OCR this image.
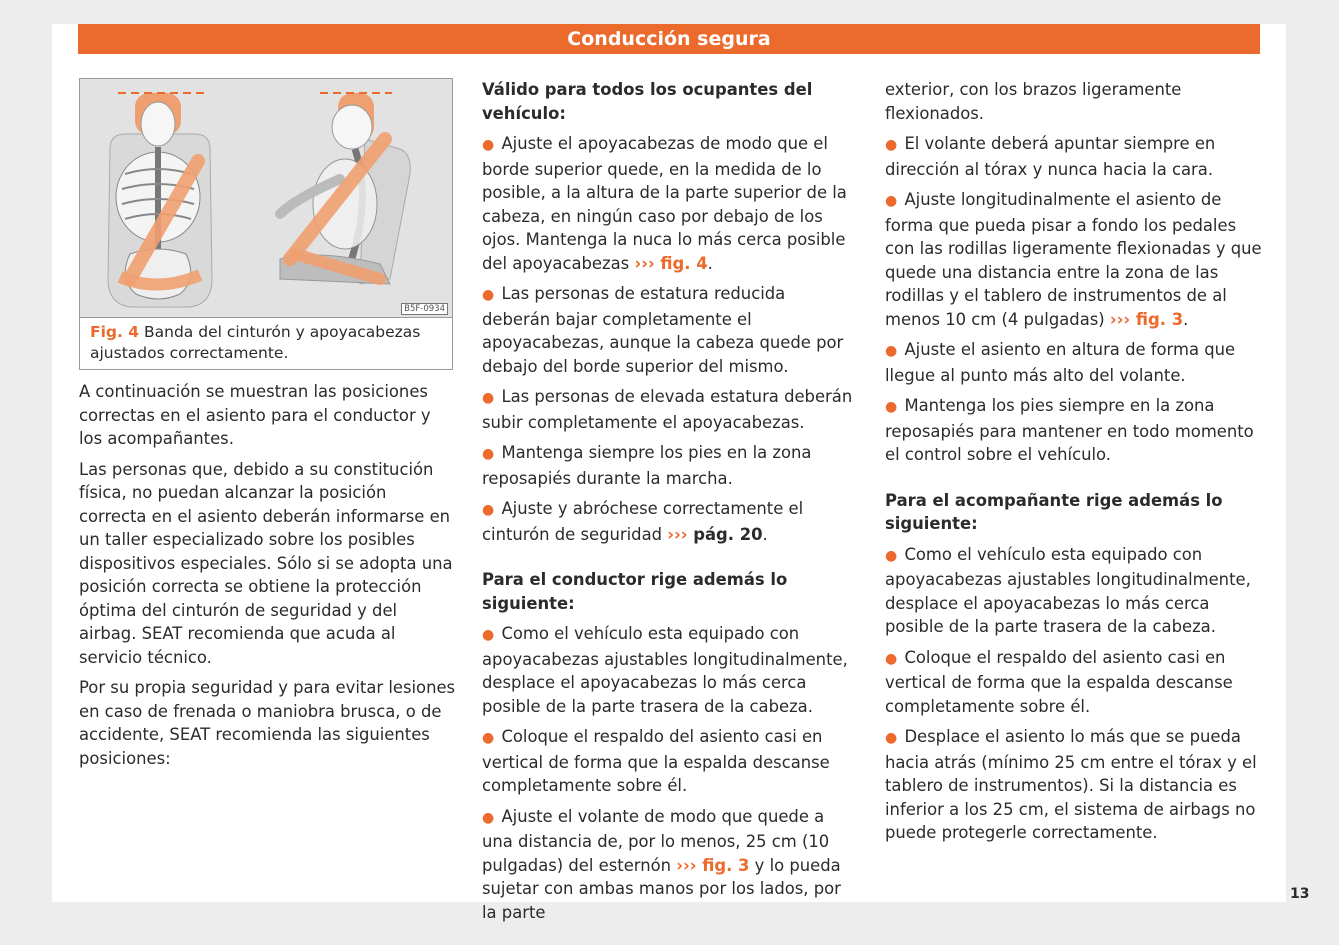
Conducción segura
B5F-0934
Fig. 4 Banda del cinturón y apoyacabezas ajustados correctamente.

A continuación se muestran las posiciones correctas en el asiento para el conductor y los acompañantes.

Las personas que, debido a su constitución física, no puedan alcanzar la posición correcta en el asiento deberán informarse en un taller especializado sobre los posibles dispositivos especiales. Sólo si se adopta una posición correcta se obtiene la protección óptima del cinturón de seguridad y del airbag. SEAT recomienda que acuda al servicio técnico.

Por su propia seguridad y para evitar lesiones en caso de frenada o maniobra brusca, o de accidente, SEAT recomienda las siguientes posiciones:

Válido para todos los ocupantes del vehículo:

● Ajuste el apoyacabezas de modo que el borde superior quede, en la medida de lo posible, a la altura de la parte superior de la cabeza, en ningún caso por debajo de los ojos. Mantenga la nuca lo más cerca posible del apoyacabezas ››› fig. 4.

● Las personas de estatura reducida deberán bajar completamente el apoyacabezas, aunque la cabeza quede por debajo del borde superior del mismo.

● Las personas de elevada estatura deberán subir completamente el apoyacabezas.

● Mantenga siempre los pies en la zona reposapiés durante la marcha.

● Ajuste y abróchese correctamente el cinturón de seguridad ››› pág. 20.

Para el conductor rige además lo siguiente:

● Como el vehículo esta equipado con apoyacabezas ajustables longitudinalmente, desplace el apoyacabezas lo más cerca posible de la parte trasera de la cabeza.

● Coloque el respaldo del asiento casi en vertical de forma que la espalda descanse completamente sobre él.

● Ajuste el volante de modo que quede a una distancia de, por lo menos, 25 cm (10 pulgadas) del esternón ››› fig. 3 y lo pueda sujetar con ambas manos por los lados, por la parte

exterior, con los brazos ligeramente flexionados.

● El volante deberá apuntar siempre en dirección al tórax y nunca hacia la cara.

● Ajuste longitudinalmente el asiento de forma que pueda pisar a fondo los pedales con las rodillas ligeramente flexionadas y que quede una distancia entre la zona de las rodillas y el tablero de instrumentos de al menos 10 cm (4 pulgadas) ››› fig. 3.

● Ajuste el asiento en altura de forma que llegue al punto más alto del volante.

● Mantenga los pies siempre en la zona reposapiés para mantener en todo momento el control sobre el vehículo.

Para el acompañante rige además lo siguiente:

● Como el vehículo esta equipado con apoyacabezas ajustables longitudinalmente, desplace el apoyacabezas lo más cerca posible de la parte trasera de la cabeza.

● Coloque el respaldo del asiento casi en vertical de forma que la espalda descanse completamente sobre él.

● Desplace el asiento lo más que se pueda hacia atrás (mínimo 25 cm entre el tórax y el tablero de instrumentos). Si la distancia es inferior a los 25 cm, el sistema de airbags no puede protegerle correctamente.

13
